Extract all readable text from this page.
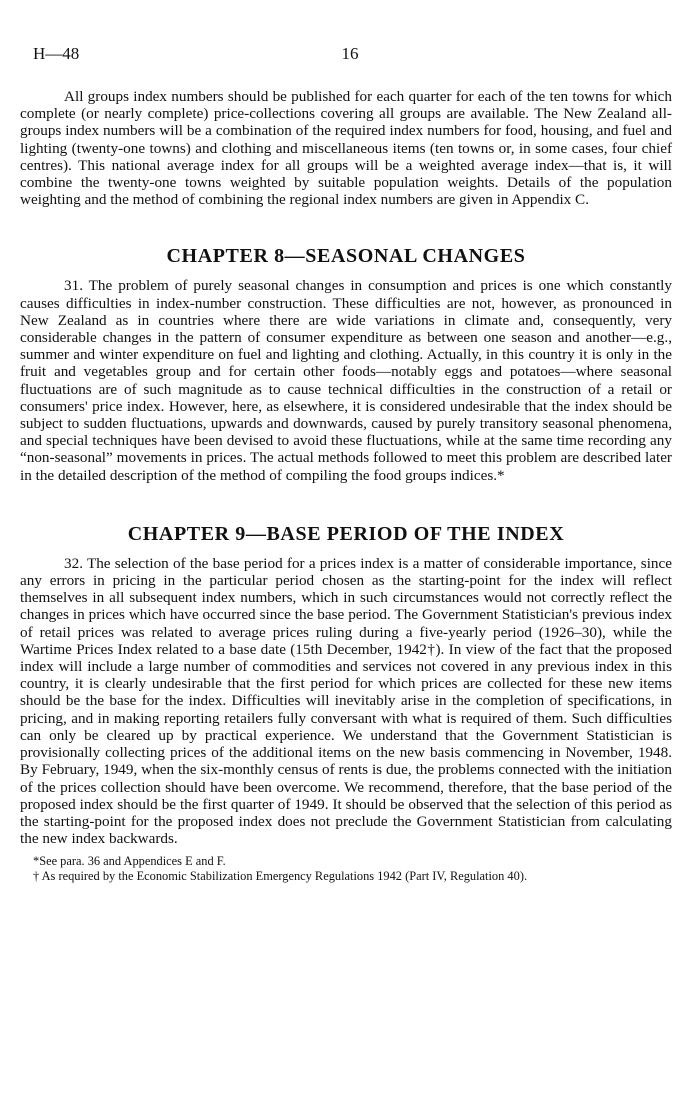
H—48	16

All groups index numbers should be published for each quarter for each of the ten towns for which complete (or nearly complete) price-collections covering all groups are available. The New Zealand all-groups index numbers will be a combination of the required index numbers for food, housing, and fuel and lighting (twenty-one towns) and clothing and miscellaneous items (ten towns or, in some cases, four chief centres). This national average index for all groups will be a weighted average index—that is, it will combine the twenty-one towns weighted by suitable population weights. Details of the population weighting and the method of combining the regional index numbers are given in Appendix C.

CHAPTER 8—SEASONAL CHANGES

31. The problem of purely seasonal changes in consumption and prices is one which constantly causes difficulties in index-number construction. These difficulties are not, however, as pronounced in New Zealand as in countries where there are wide variations in climate and, consequently, very considerable changes in the pattern of consumer expenditure as between one season and another—e.g., summer and winter expenditure on fuel and lighting and clothing. Actually, in this country it is only in the fruit and vegetables group and for certain other foods—notably eggs and potatoes—where seasonal fluctuations are of such magnitude as to cause technical difficulties in the construction of a retail or consumers' price index. However, here, as elsewhere, it is considered undesirable that the index should be subject to sudden fluctuations, upwards and downwards, caused by purely transitory seasonal phenomena, and special techniques have been devised to avoid these fluctuations, while at the same time recording any “non-seasonal” movements in prices. The actual methods followed to meet this problem are described later in the detailed description of the method of compiling the food groups indices.*

CHAPTER 9—BASE PERIOD OF THE INDEX

32. The selection of the base period for a prices index is a matter of considerable importance, since any errors in pricing in the particular period chosen as the starting-point for the index will reflect themselves in all subsequent index numbers, which in such circumstances would not correctly reflect the changes in prices which have occurred since the base period. The Government Statistician's previous index of retail prices was related to average prices ruling during a five-yearly period (1926–30), while the Wartime Prices Index related to a base date (15th December, 1942†). In view of the fact that the proposed index will include a large number of commodities and services not covered in any previous index in this country, it is clearly undesirable that the first period for which prices are collected for these new items should be the base for the index. Difficulties will inevitably arise in the completion of specifications, in pricing, and in making reporting retailers fully conversant with what is required of them. Such difficulties can only be cleared up by practical experience. We understand that the Government Statistician is provisionally collecting prices of the additional items on the new basis commencing in November, 1948. By February, 1949, when the six-monthly census of rents is due, the problems connected with the initiation of the prices collection should have been overcome. We recommend, therefore, that the base period of the proposed index should be the first quarter of 1949. It should be observed that the selection of this period as the starting-point for the proposed index does not preclude the Government Statistician from calculating the new index backwards.

*See para. 36 and Appendices E and F.
† As required by the Economic Stabilization Emergency Regulations 1942 (Part IV, Regulation 40).
